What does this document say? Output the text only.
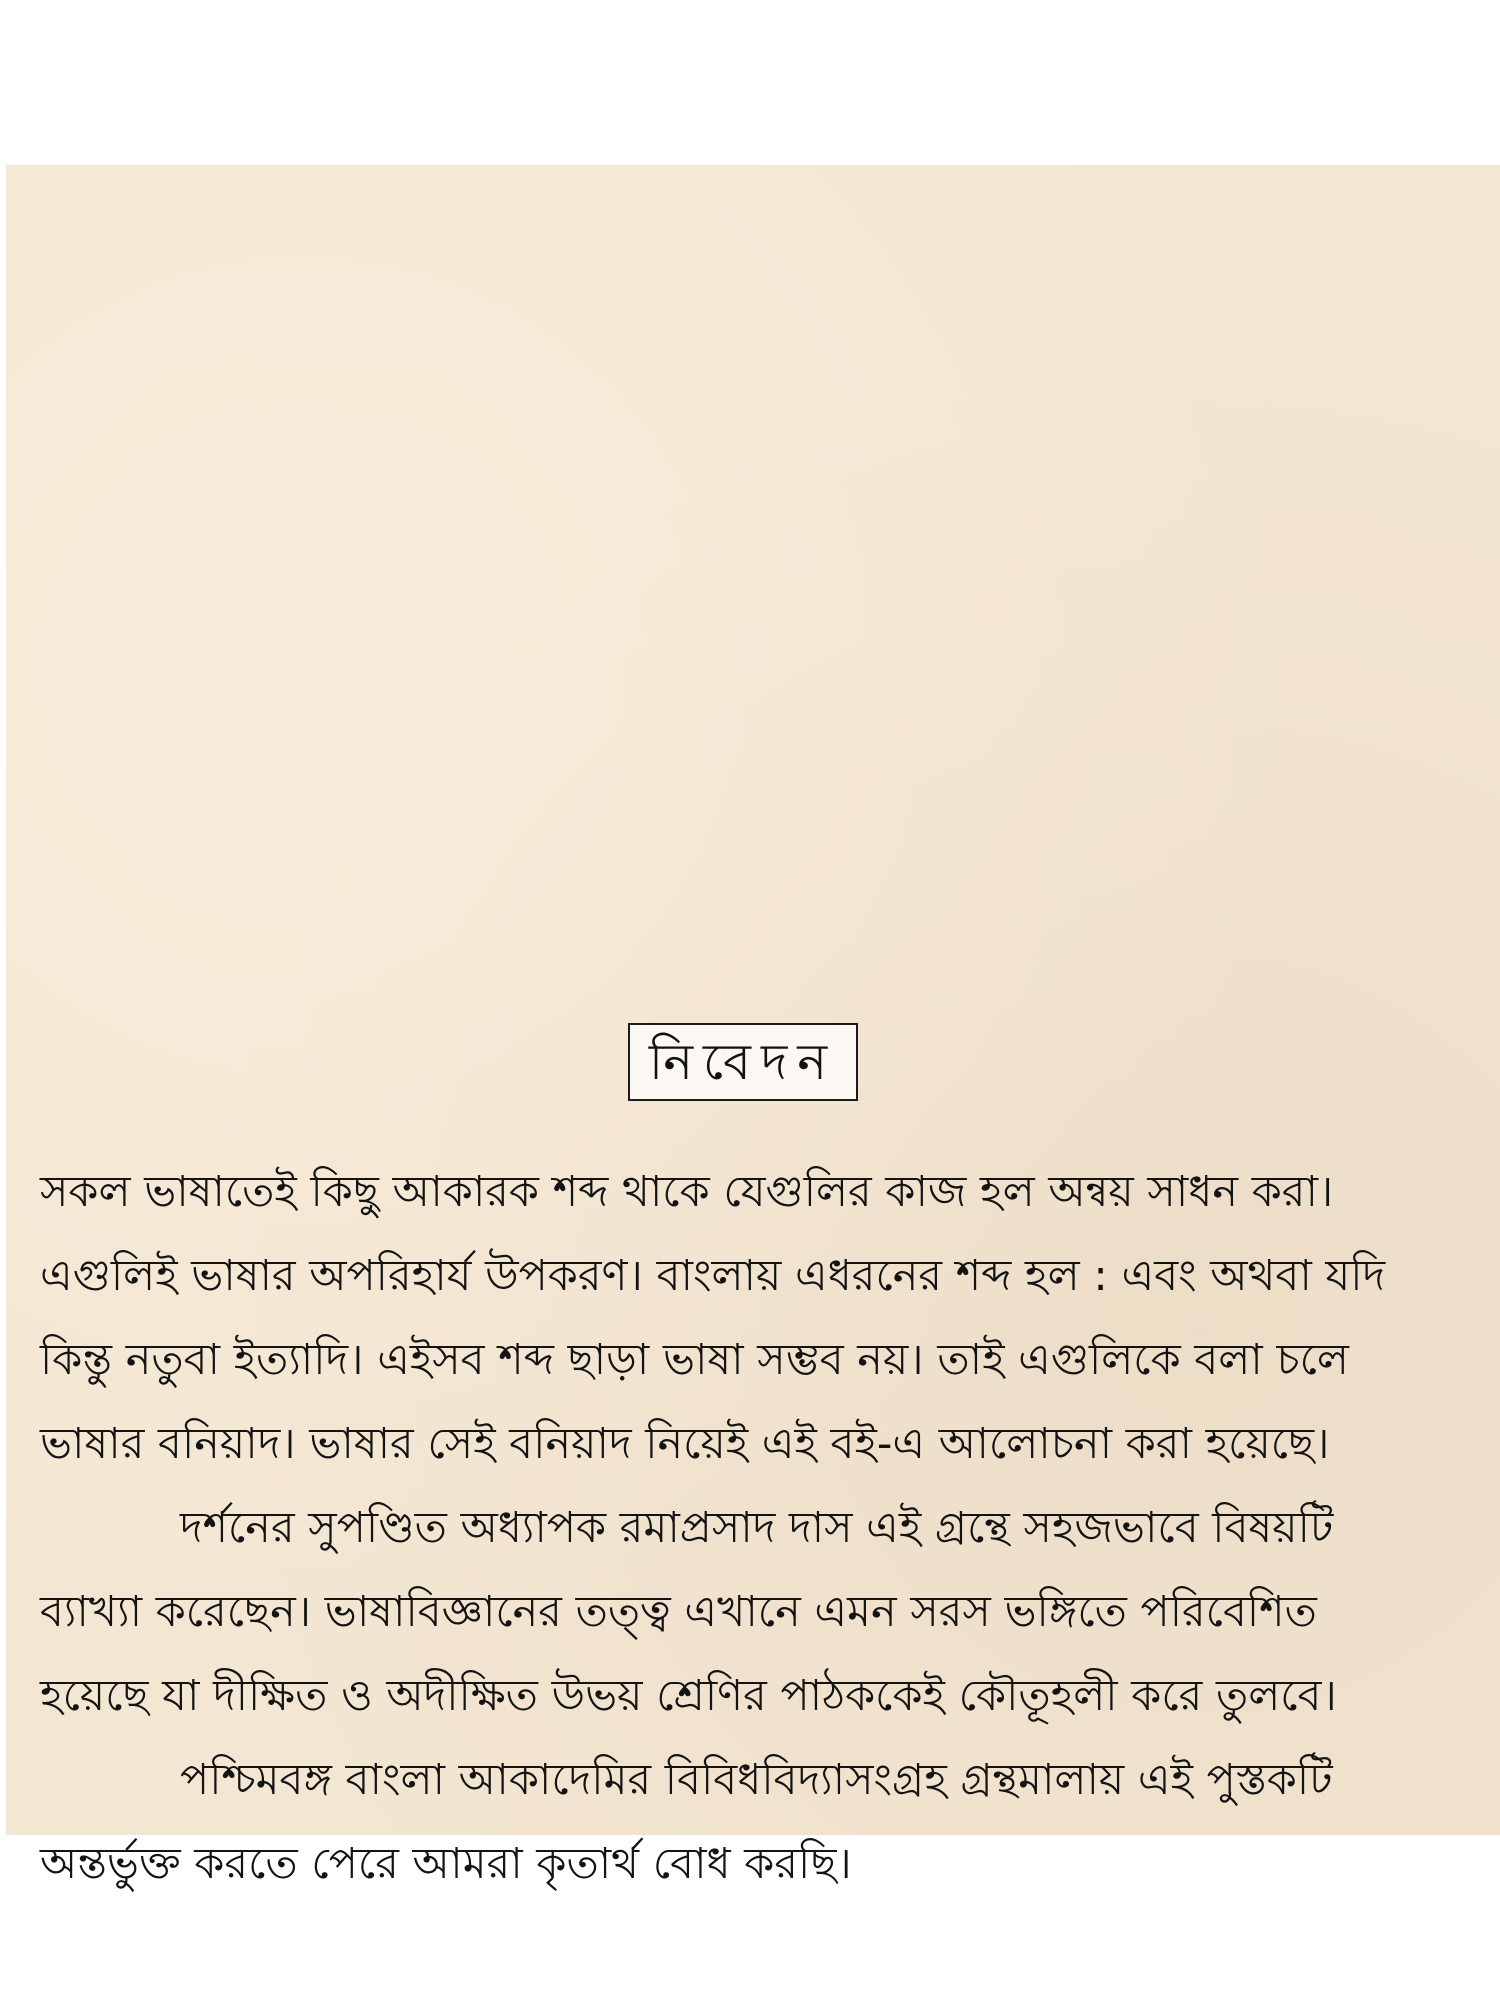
নিবেদন
সকল ভাষাতেই কিছু আকারক শব্দ থাকে যেগুলির কাজ হল অন্বয় সাধন করা।
এগুলিই ভাষার অপরিহার্য উপকরণ। বাংলায় এধরনের শব্দ হল : এবং অথবা যদি
কিন্তু নতুবা ইত্যাদি। এইসব শব্দ ছাড়া ভাষা সম্ভব নয়। তাই এগুলিকে বলা চলে
ভাষার বনিয়াদ। ভাষার সেই বনিয়াদ নিয়েই এই বই-এ আলোচনা করা হয়েছে।
দর্শনের সুপণ্ডিত অধ্যাপক রমাপ্রসাদ দাস এই গ্রন্থে সহজভাবে বিষয়টি
ব্যাখ্যা করেছেন। ভাষাবিজ্ঞানের তত্ত্ব এখানে এমন সরস ভঙ্গিতে পরিবেশিত
হয়েছে যা দীক্ষিত ও অদীক্ষিত উভয় শ্রেণির পাঠককেই কৌতূহলী করে তুলবে।
পশ্চিমবঙ্গ বাংলা আকাদেমির বিবিধবিদ্যাসংগ্রহ গ্রন্থমালায় এই পুস্তকটি
অন্তর্ভুক্ত করতে পেরে আমরা কৃতার্থ বোধ করছি।
